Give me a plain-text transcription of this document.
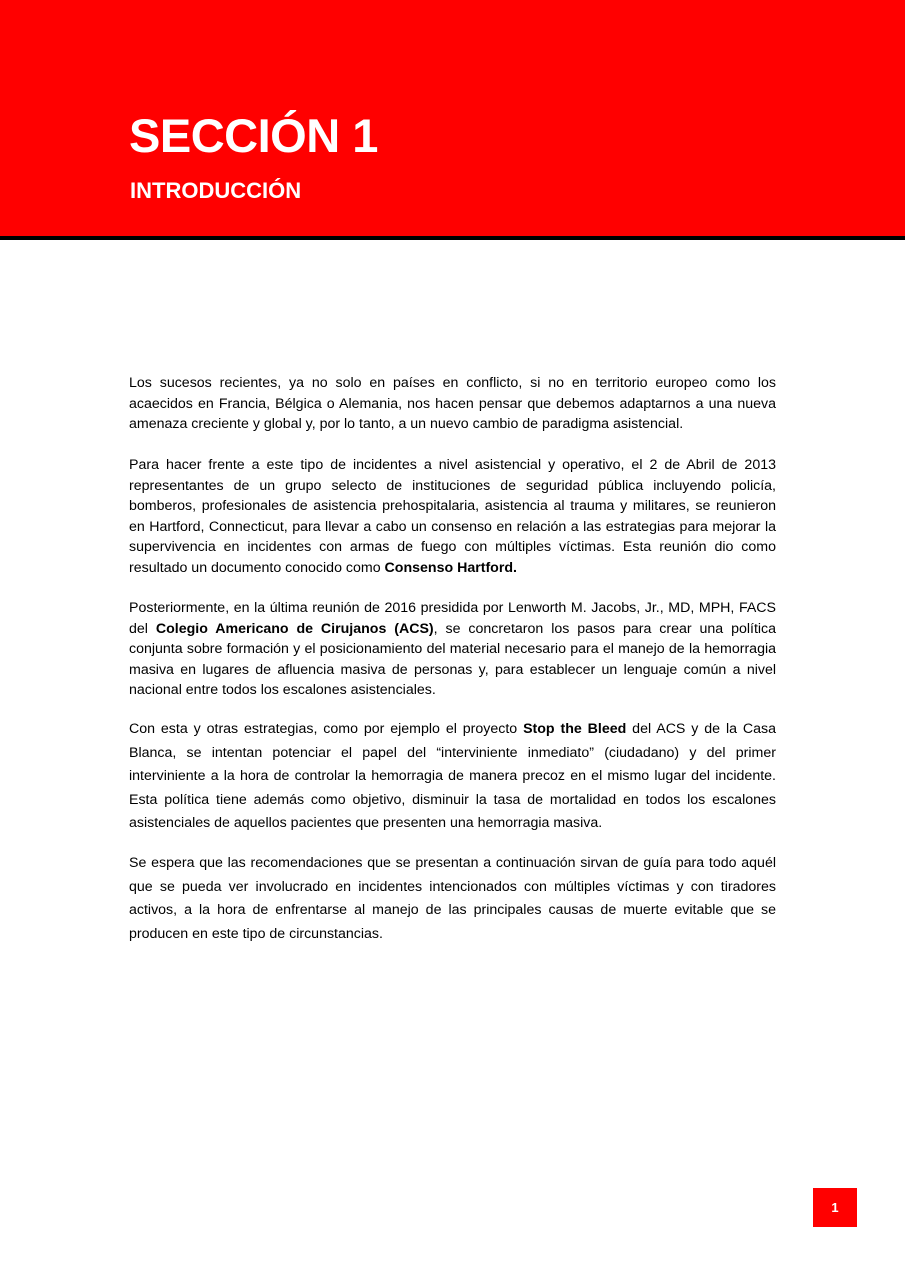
SECCIÓN 1
INTRODUCCIÓN

Los sucesos recientes, ya no solo en países en conflicto, si no en territorio europeo como los acaecidos en Francia, Bélgica o Alemania, nos hacen pensar que debemos adaptarnos a una nueva amenaza creciente y global y, por lo tanto, a un nuevo cambio de paradigma asistencial.

Para hacer frente a este tipo de incidentes a nivel asistencial y operativo, el 2 de Abril de 2013 representantes de un grupo selecto de instituciones de seguridad pública incluyendo policía, bomberos, profesionales de asistencia prehospitalaria, asistencia al trauma y militares, se reunieron en Hartford, Connecticut, para llevar a cabo un consenso en relación a las estrategias para mejorar la supervivencia en incidentes con armas de fuego con múltiples víctimas. Esta reunión dio como resultado un documento conocido como Consenso Hartford.

Posteriormente, en la última reunión de 2016 presidida por Lenworth M. Jacobs, Jr., MD, MPH, FACS del Colegio Americano de Cirujanos (ACS), se concretaron los pasos para crear una política conjunta sobre formación y el posicionamiento del material necesario para el manejo de la hemorragia masiva en lugares de afluencia masiva de personas y, para establecer un lenguaje común a nivel nacional entre todos los escalones asistenciales.

Con esta y otras estrategias, como por ejemplo el proyecto Stop the Bleed del ACS y de la Casa Blanca, se intentan potenciar el papel del “interviniente inmediato” (ciudadano) y del primer interviniente a la hora de controlar la hemorragia de manera precoz en el mismo lugar del incidente. Esta política tiene además como objetivo, disminuir la tasa de mortalidad en todos los escalones asistenciales de aquellos pacientes que presenten una hemorragia masiva.

Se espera que las recomendaciones que se presentan a continuación sirvan de guía para todo aquél que se pueda ver involucrado en incidentes intencionados con múltiples víctimas y con tiradores activos, a la hora de enfrentarse al manejo de las principales causas de muerte evitable que se producen en este tipo de circunstancias.

1
